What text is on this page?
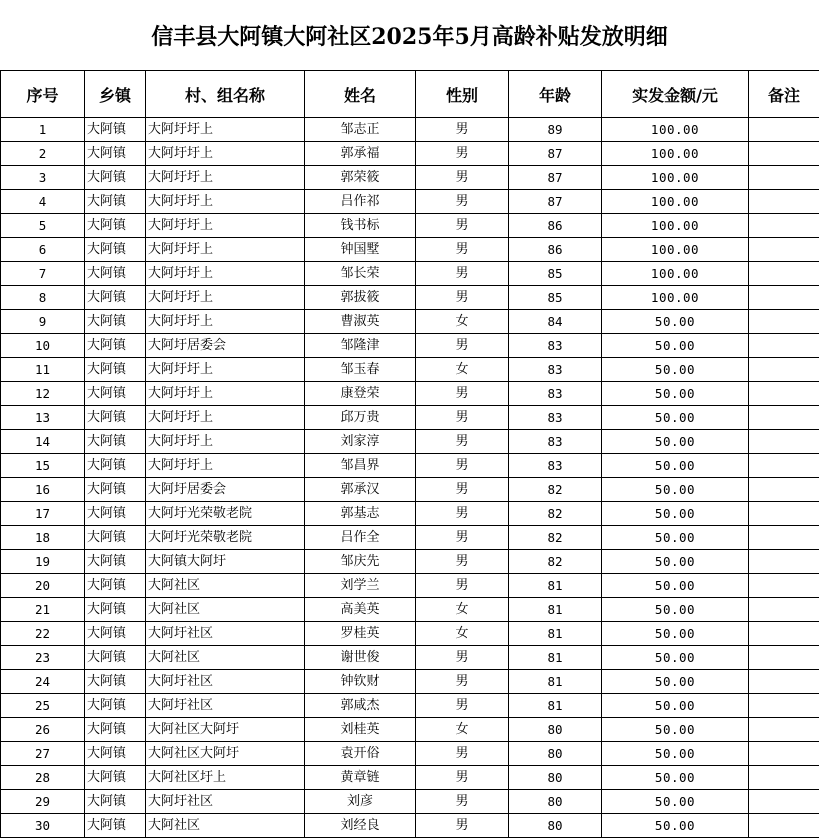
信丰县大阿镇大阿社区2025年5月高龄补贴发放明细
序号	乡镇	村、组名称	姓名	性别	年龄	实发金额/元	备注
1	大阿镇	大阿圩圩上	邹志正	男	89	100.00	
2	大阿镇	大阿圩圩上	郭承福	男	87	100.00	
3	大阿镇	大阿圩圩上	郭荣筱	男	87	100.00	
4	大阿镇	大阿圩圩上	吕作祁	男	87	100.00	
5	大阿镇	大阿圩圩上	钱书标	男	86	100.00	
6	大阿镇	大阿圩圩上	钟国墅	男	86	100.00	
7	大阿镇	大阿圩圩上	邹长荣	男	85	100.00	
8	大阿镇	大阿圩圩上	郭拔筱	男	85	100.00	
9	大阿镇	大阿圩圩上	曹淑英	女	84	50.00	
10	大阿镇	大阿圩居委会	邹隆津	男	83	50.00	
11	大阿镇	大阿圩圩上	邹玉春	女	83	50.00	
12	大阿镇	大阿圩圩上	康登荣	男	83	50.00	
13	大阿镇	大阿圩圩上	邱万贵	男	83	50.00	
14	大阿镇	大阿圩圩上	刘家淳	男	83	50.00	
15	大阿镇	大阿圩圩上	邹昌界	男	83	50.00	
16	大阿镇	大阿圩居委会	郭承汉	男	82	50.00	
17	大阿镇	大阿圩光荣敬老院	郭基志	男	82	50.00	
18	大阿镇	大阿圩光荣敬老院	吕作全	男	82	50.00	
19	大阿镇	大阿镇大阿圩	邹庆先	男	82	50.00	
20	大阿镇	大阿社区	刘学兰	男	81	50.00	
21	大阿镇	大阿社区	高美英	女	81	50.00	
22	大阿镇	大阿圩社区	罗桂英	女	81	50.00	
23	大阿镇	大阿社区	谢世俊	男	81	50.00	
24	大阿镇	大阿圩社区	钟钦财	男	81	50.00	
25	大阿镇	大阿圩社区	郭咸杰	男	81	50.00	
26	大阿镇	大阿社区大阿圩	刘桂英	女	80	50.00	
27	大阿镇	大阿社区大阿圩	袁开俗	男	80	50.00	
28	大阿镇	大阿社区圩上	黄章链	男	80	50.00	
29	大阿镇	大阿圩社区	刘彦	男	80	50.00	
30	大阿镇	大阿社区	刘经良	男	80	50.00	
